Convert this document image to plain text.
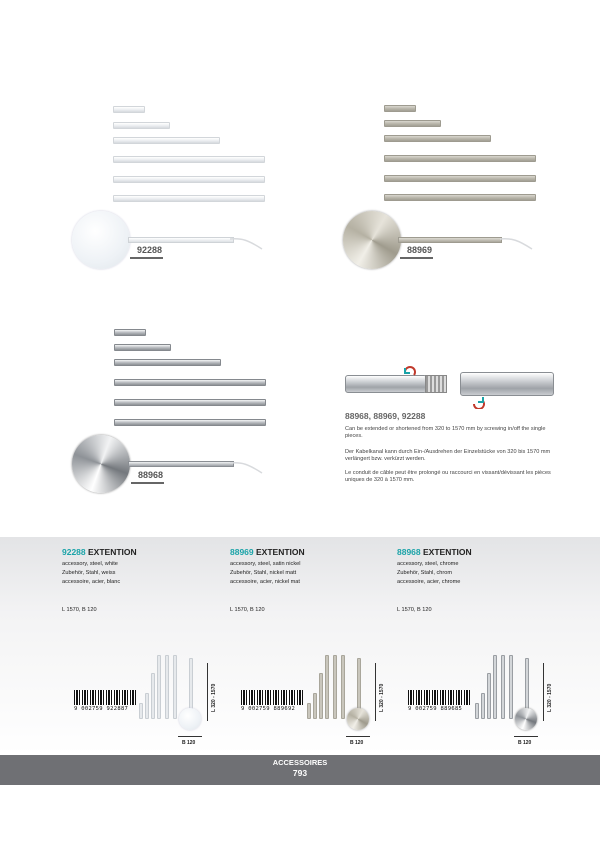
92288	88969
88968
88968, 88969, 92288
Can be extended or shortened from 320 to 1570 mm by screwing in/off the single pieces.
Der Kabelkanal kann durch Ein-/Ausdrehen der Einzelstücke von 320 bis 1570 mm verlängert bzw. verkürzt werden.
Le conduit de câble peut être prolongé ou raccourci en vissant/dévissant les pièces uniques de 320 à 1570 mm.
92288 EXTENTION
accessory, steel, white
Zubehör, Stahl, weiss
accessoire, acier, blanc
L 1570, B 120
9 002759 922887	L 320 - 1570
B 120
88969 EXTENTION
accessory, steel, satin nickel
Zubehör, Stahl, nickel matt
accessoire, acier, nickel mat
L 1570, B 120
9 002759 889692	L 320 - 1570
B 120
88968 EXTENTION
accessory, steel, chrome
Zubehör, Stahl, chrom
accessoire, acier, chrome
L 1570, B 120
9 002759 889685	L 320 - 1570
B 120
ACCESSOIRES
793
